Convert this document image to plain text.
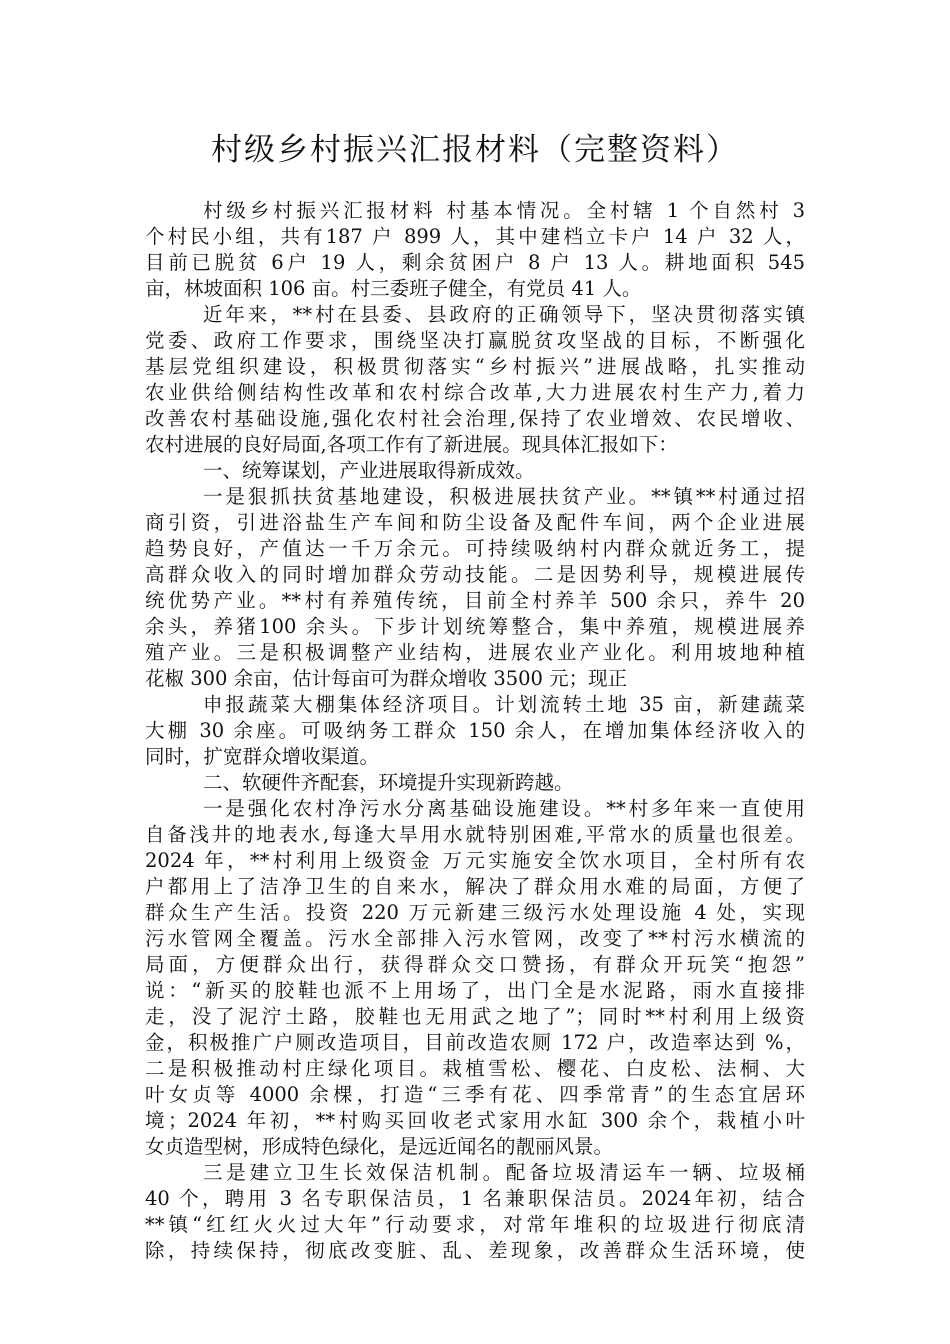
村级乡村振兴汇报材料（完整资料）
村级乡村振兴汇报材料 村基本情况。全村辖 1 个自然村 3
个村民小组，共有187 户 899 人，其中建档立卡户 14 户 32 人，
目前已脱贫 6户 19 人，剩余贫困户 8 户 13 人。耕地面积 545
亩，林坡面积 106 亩。村三委班子健全，有党员 41 人。
近年来，**村在县委、县政府的正确领导下，坚决贯彻落实镇
党委、政府工作要求，围绕坚决打赢脱贫攻坚战的目标，不断强化
基层党组织建设，积极贯彻落实“乡村振兴”进展战略，扎实推动
农业供给侧结构性改革和农村综合改革,大力进展农村生产力,着力
改善农村基础设施,强化农村社会治理,保持了农业增效、农民增收、
农村进展的良好局面,各项工作有了新进展。现具体汇报如下：
一、统筹谋划，产业进展取得新成效。
一是狠抓扶贫基地建设，积极进展扶贫产业。**镇**村通过招
商引资，引进浴盐生产车间和防尘设备及配件车间，两个企业进展
趋势良好，产值达一千万余元。可持续吸纳村内群众就近务工，提
高群众收入的同时增加群众劳动技能。二是因势利导，规模进展传
统优势产业。**村有养殖传统，目前全村养羊 500 余只，养牛 20
余头，养猪100 余头。下步计划统筹整合，集中养殖，规模进展养
殖产业。三是积极调整产业结构，进展农业产业化。利用坡地种植
花椒 300 余亩，估计每亩可为群众增收 3500 元；现正
申报蔬菜大棚集体经济项目。计划流转土地 35 亩，新建蔬菜
大棚 30 余座。可吸纳务工群众 150 余人，在增加集体经济收入的
同时，扩宽群众增收渠道。
二、软硬件齐配套，环境提升实现新跨越。
一是强化农村净污水分离基础设施建设。**村多年来一直使用
自备浅井的地表水,每逢大旱用水就特别困难,平常水的质量也很差。
2024 年，**村利用上级资金 万元实施安全饮水项目，全村所有农
户都用上了洁净卫生的自来水，解决了群众用水难的局面，方便了
群众生产生活。投资 220 万元新建三级污水处理设施 4 处，实现
污水管网全覆盖。污水全部排入污水管网，改变了**村污水横流的
局面，方便群众出行，获得群众交口赞扬，有群众开玩笑“抱怨”
说：“新买的胶鞋也派不上用场了，出门全是水泥路，雨水直接排
走，没了泥泞土路，胶鞋也无用武之地了”；同时**村利用上级资
金，积极推广户厕改造项目，目前改造农厕 172 户，改造率达到 %，
二是积极推动村庄绿化项目。栽植雪松、樱花、白皮松、法桐、大
叶女贞等 4000 余棵，打造“三季有花、四季常青”的生态宜居环
境；2024 年初，**村购买回收老式家用水缸 300 余个，栽植小叶
女贞造型树，形成特色绿化，是远近闻名的靓丽风景。
三是建立卫生长效保洁机制。配备垃圾清运车一辆、垃圾桶
40 个，聘用 3 名专职保洁员，1 名兼职保洁员。2024年初，结合
**镇“红红火火过大年”行动要求，对常年堆积的垃圾进行彻底清
除，持续保持，彻底改变脏、乱、差现象，改善群众生活环境，使
